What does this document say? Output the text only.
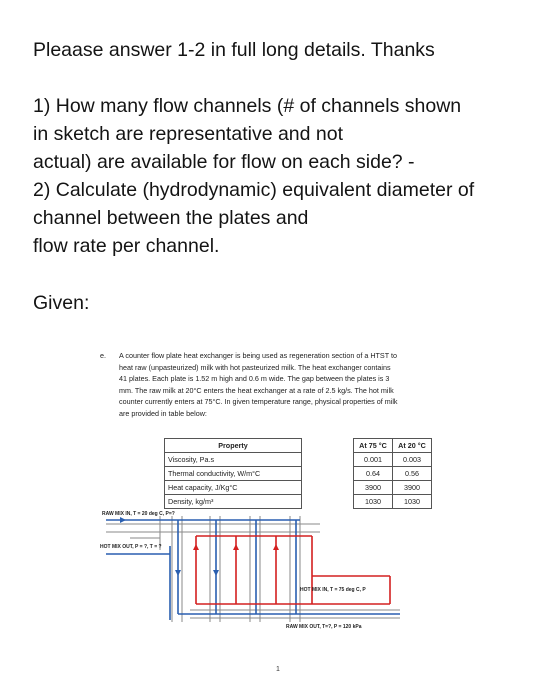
Pleaase answer 1-2 in full long details. Thanks

1) How many flow channels (# of channels shown

in sketch are representative and not

actual) are available for flow on each side? -

2) Calculate (hydrodynamic) equivalent diameter of

channel between the plates and

flow rate per channel.

Given:
e. A counter flow plate heat exchanger is being used as regeneration section of a HTST to
heat raw (unpasteurized) milk with hot pasteurized milk. The heat exchanger contains
41 plates. Each plate is 1.52 m high and 0.6 m wide. The gap between the plates is 3
mm. The raw milk at 20°C enters the heat exchanger at a rate of 2.5 kg/s. The hot milk
counter currently enters at 75°C. In given temperature range, physical properties of milk
are provided in table below:
Property		At 75 °C	At 20 °C
Viscosity, Pa.s		0.001	0.003
Thermal conductivity, W/m°C		0.64	0.56
Heat capacity, J/Kg°C		3900	3900
Density, kg/m³		1030	1030
RAW MIX IN, T = 20 deg C, P=?
HOT MIX OUT, P = ?, T = ?
HOT MIX IN, T = 75 deg C, P
RAW MIX OUT, T=?, P = 120 kPa
1
